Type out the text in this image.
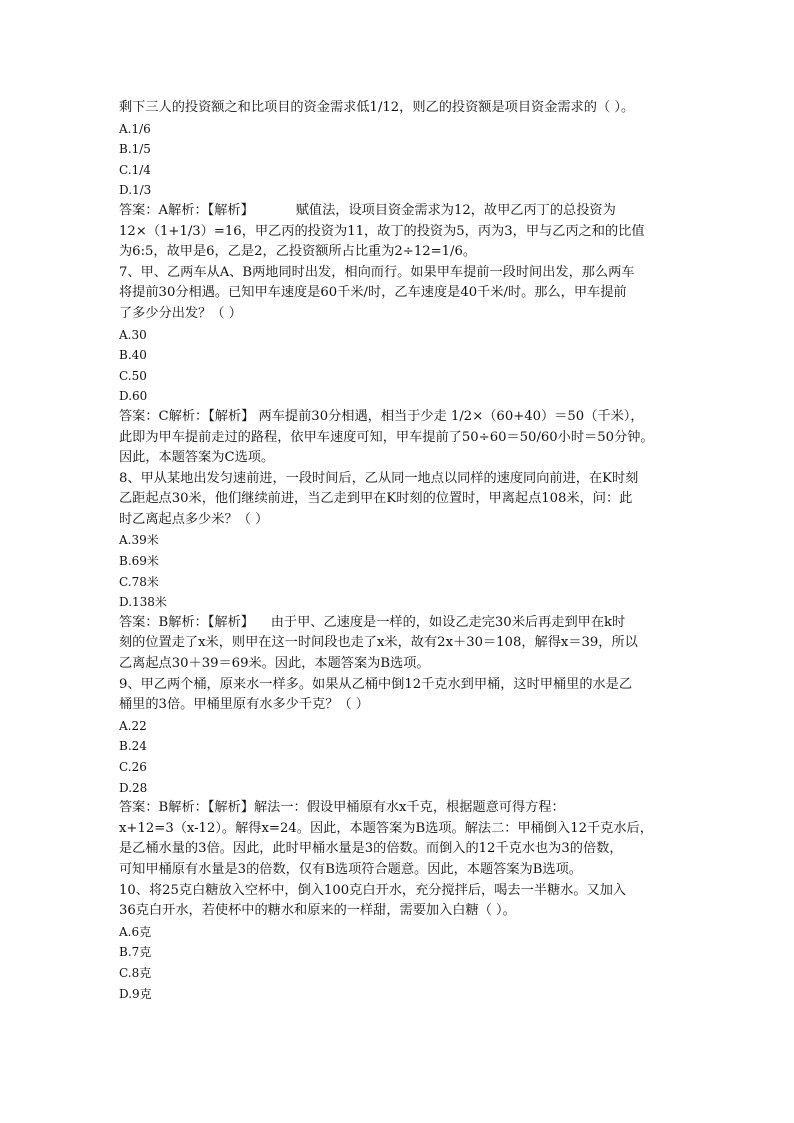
剩下三人的投资额之和比项目的资金需求低1/12，则乙的投资额是项目资金需求的（ ）。
A.1/6
B.1/5
C.1/4
D.1/3
答案：A解析：【解析】          赋值法，设项目资金需求为12，故甲乙丙丁的总投资为
12×（1+1/3）=16，甲乙丙的投资为11，故丁的投资为5，丙为3，甲与乙丙之和的比值
为6:5，故甲是6，乙是2，乙投资额所占比重为2÷12=1/6。
7、甲、乙两车从A、B两地同时出发，相向而行。如果甲车提前一段时间出发，那么两车
将提前30分相遇。已知甲车速度是60千米/时，乙车速度是40千米/时。那么，甲车提前
了多少分出发？（ ）
A.30
B.40
C.50
D.60
答案：C解析：【解析】 两车提前30分相遇，相当于少走 1/2×（60+40）＝50（千米），
此即为甲车提前走过的路程，依甲车速度可知，甲车提前了50÷60＝50/60小时＝50分钟。
因此，本题答案为C选项。
8、甲从某地出发匀速前进，一段时间后，乙从同一地点以同样的速度同向前进，在K时刻
乙距起点30米，他们继续前进，当乙走到甲在K时刻的位置时，甲离起点108米，问：此
时乙离起点多少米？（ ）
A.39米
B.69米
C.78米
D.138米
答案：B解析：【解析】    由于甲、乙速度是一样的，如设乙走完30米后再走到甲在k时
刻的位置走了x米，则甲在这一时间段也走了x米，故有2x＋30＝108，解得x＝39，所以
乙离起点30＋39＝69米。因此，本题答案为B选项。
9、甲乙两个桶，原来水一样多。如果从乙桶中倒12千克水到甲桶，这时甲桶里的水是乙
桶里的3倍。甲桶里原有水多少千克？（ ）
A.22
B.24
C.26
D.28
答案：B解析：【解析】解法一：假设甲桶原有水x千克，根据题意可得方程：
x+12=3（x-12）。解得x=24。因此，本题答案为B选项。解法二：甲桶倒入12千克水后，
是乙桶水量的3倍。因此，此时甲桶水量是3的倍数。而倒入的12千克水也为3的倍数，
可知甲桶原有水量是3的倍数，仅有B选项符合题意。因此，本题答案为B选项。
10、将25克白糖放入空杯中，倒入100克白开水，充分搅拌后，喝去一半糖水。又加入
36克白开水，若使杯中的糖水和原来的一样甜，需要加入白糖（ ）。
A.6克
B.7克
C.8克
D.9克
